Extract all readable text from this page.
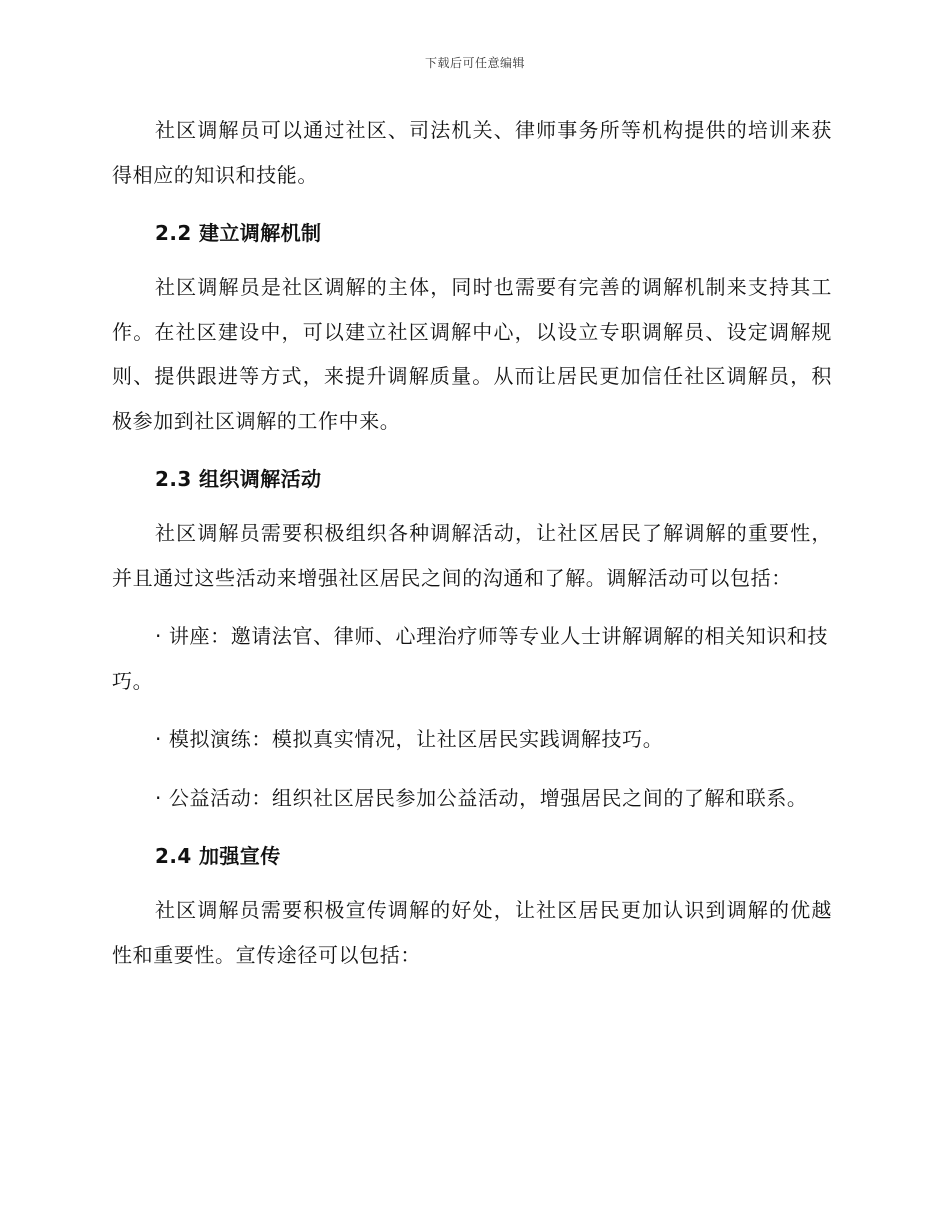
下载后可任意编辑

社区调解员可以通过社区、司法机关、律师事务所等机构提供的培训来获得相应的知识和技能。

2.2 建立调解机制

社区调解员是社区调解的主体，同时也需要有完善的调解机制来支持其工作。在社区建设中，可以建立社区调解中心，以设立专职调解员、设定调解规则、提供跟进等方式，来提升调解质量。从而让居民更加信任社区调解员，积极参加到社区调解的工作中来。

2.3 组织调解活动

社区调解员需要积极组织各种调解活动，让社区居民了解调解的重要性，并且通过这些活动来增强社区居民之间的沟通和了解。调解活动可以包括：

· 讲座：邀请法官、律师、心理治疗师等专业人士讲解调解的相关知识和技巧。

· 模拟演练：模拟真实情况，让社区居民实践调解技巧。

· 公益活动：组织社区居民参加公益活动，增强居民之间的了解和联系。

2.4 加强宣传

社区调解员需要积极宣传调解的好处，让社区居民更加认识到调解的优越性和重要性。宣传途径可以包括：
